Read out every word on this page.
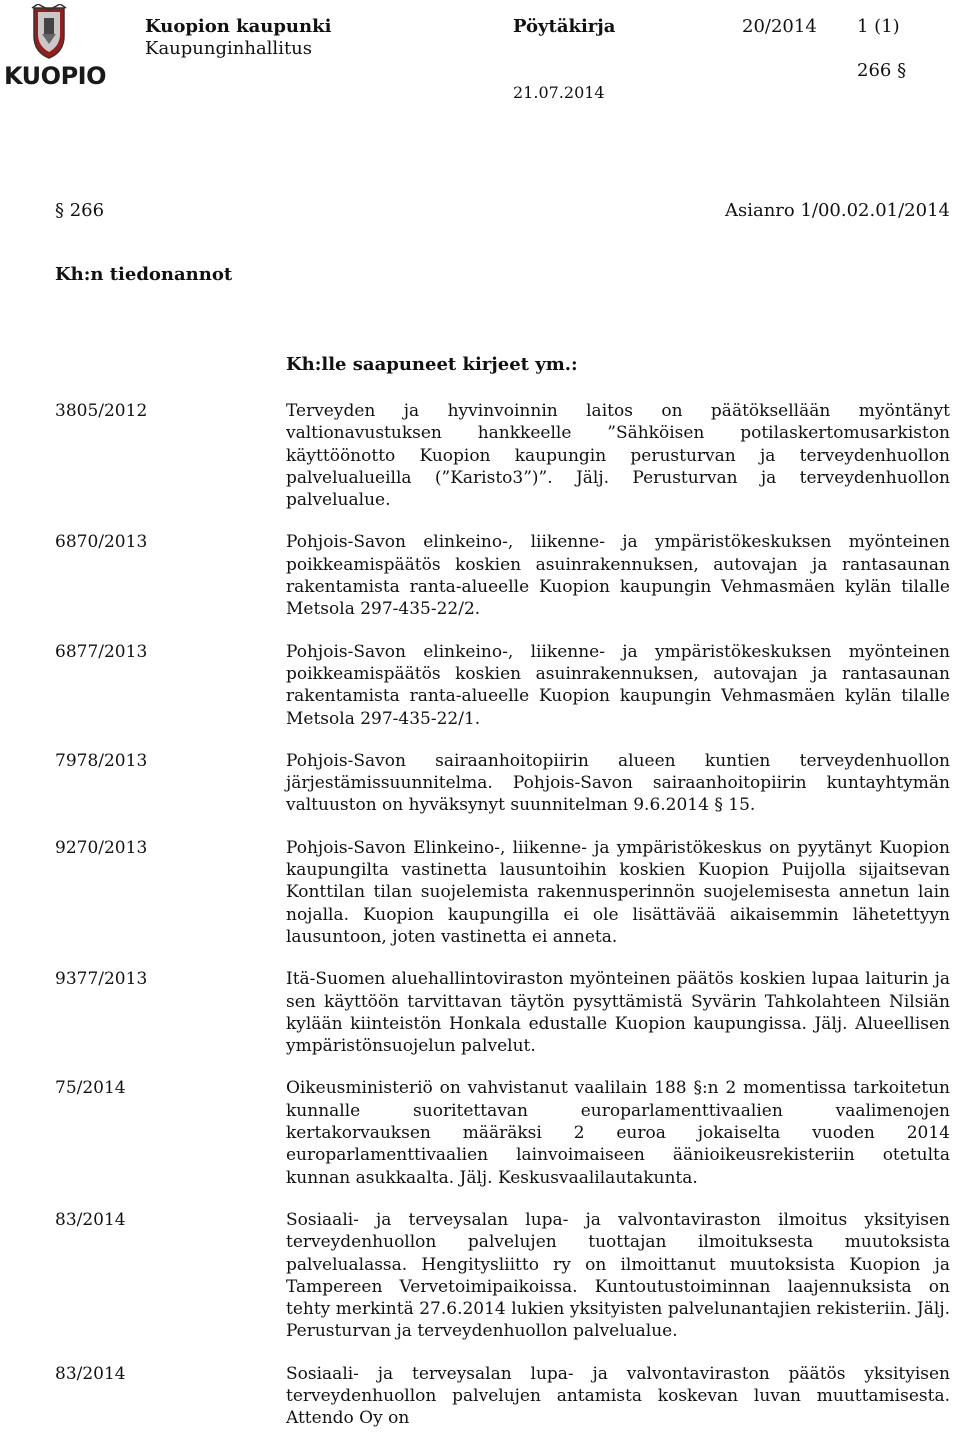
KUOPIO
Kuopion kaupunki
Kaupunginhallitus
Pöytäkirja	20/2014 1 (1)
266 §
21.07.2014
§ 266	Asianro 1/00.02.01/2014
Kh:n tiedonannot
Kh:lle saapuneet kirjeet ym.:
3805/2012	Terveyden ja hyvinvoinnin laitos on päätöksellään myöntänyt valtionavustuksen hankkeelle ”Sähköisen potilaskertomusarkiston käyttöönotto Kuopion kaupungin perusturvan ja terveydenhuollon palvelualueilla (”Karisto3”)”. Jälj. Perusturvan ja terveydenhuollon palvelualue.
6870/2013	Pohjois-Savon elinkeino-, liikenne- ja ympäristökeskuksen myönteinen poikkeamispäätös koskien asuinrakennuksen, autovajan ja rantasaunan rakentamista ranta-alueelle Kuopion kaupungin Vehmasmäen kylän tilalle Metsola 297-435-22/2.
6877/2013	Pohjois-Savon elinkeino-, liikenne- ja ympäristökeskuksen myönteinen poikkeamispäätös koskien asuinrakennuksen, autovajan ja rantasaunan rakentamista ranta-alueelle Kuopion kaupungin Vehmasmäen kylän tilalle Metsola 297-435-22/1.
7978/2013	Pohjois-Savon sairaanhoitopiirin alueen kuntien terveydenhuollon järjestämissuunnitelma. Pohjois-Savon sairaanhoitopiirin kuntayhtymän valtuuston on hyväksynyt suunnitelman 9.6.2014 § 15.
9270/2013	Pohjois-Savon Elinkeino-, liikenne- ja ympäristökeskus on pyytänyt Kuopion kaupungilta vastinetta lausuntoihin koskien Kuopion Puijolla sijaitsevan Konttilan tilan suojelemista rakennusperinnön suojelemisesta annetun lain nojalla. Kuopion kaupungilla ei ole lisättävää aikaisemmin lähetettyyn lausuntoon, joten vastinetta ei anneta.
9377/2013	Itä-Suomen aluehallintoviraston myönteinen päätös koskien lupaa laiturin ja sen käyttöön tarvittavan täytön pysyttämistä Syvärin Tahkolahteen Nilsiän kylään kiinteistön Honkala edustalle Kuopion kaupungissa. Jälj. Alueellisen ympäristönsuojelun palvelut.
75/2014	Oikeusministeriö on vahvistanut vaalilain 188 §:n 2 momentissa tarkoitetun kunnalle suoritettavan europarlamenttivaalien vaalimenojen kertakorvauksen määräksi 2 euroa jokaiselta vuoden 2014 europarlamenttivaalien lainvoimaiseen äänioikeusrekisteriin otetulta kunnan asukkaalta. Jälj. Keskusvaalilautakunta.
83/2014	Sosiaali- ja terveysalan lupa- ja valvontaviraston ilmoitus yksityisen terveydenhuollon palvelujen tuottajan ilmoituksesta muutoksista palvelualassa. Hengitysliitto ry on ilmoittanut muutoksista Kuopion ja Tampereen Vervetoimipaikoissa. Kuntoutustoiminnan laajennuksista on tehty merkintä 27.6.2014 lukien yksityisten palvelunantajien rekisteriin. Jälj. Perusturvan ja terveydenhuollon palvelualue.
83/2014	Sosiaali- ja terveysalan lupa- ja valvontaviraston päätös yksityisen terveydenhuollon palvelujen antamista koskevan luvan muuttamisesta. Attendo Oy on
